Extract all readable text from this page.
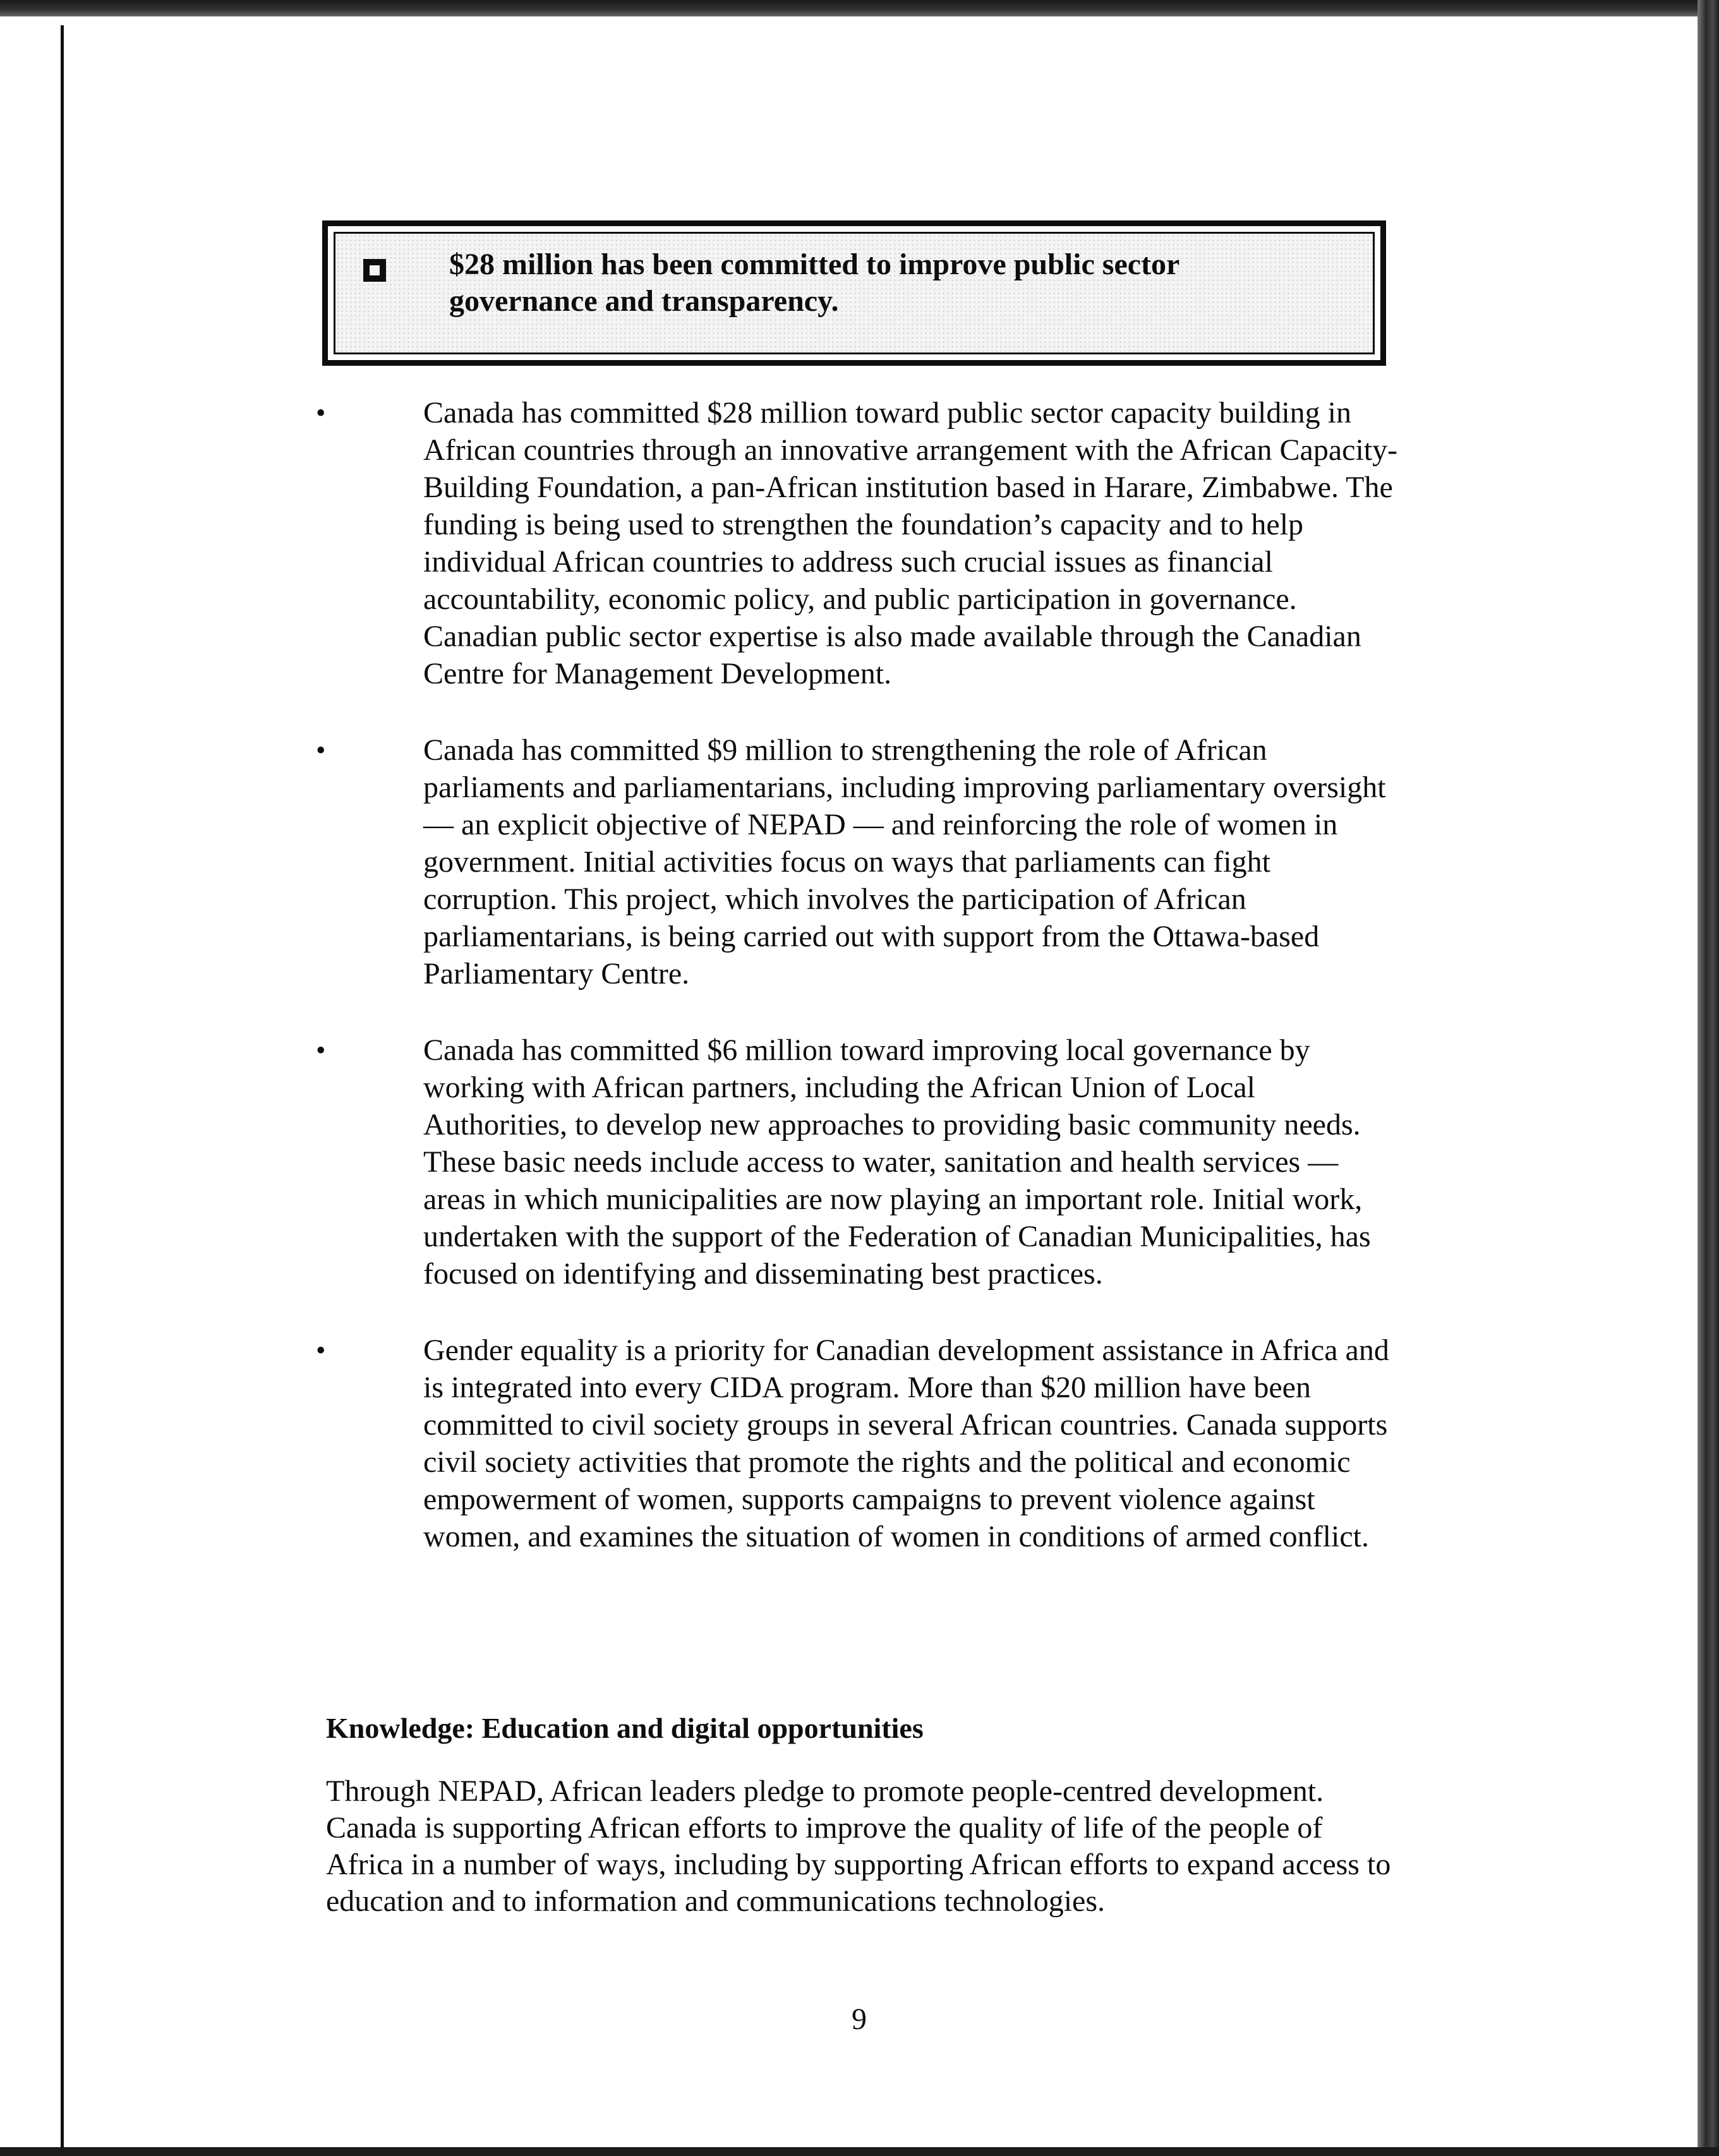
$28 million has been committed to improve public sector governance and transparency.
•	Canada has committed $28 million toward public sector capacity building in African countries through an innovative arrangement with the African Capacity-Building Foundation, a pan-African institution based in Harare, Zimbabwe. The funding is being used to strengthen the foundation’s capacity and to help individual African countries to address such crucial issues as financial accountability, economic policy, and public participation in governance. Canadian public sector expertise is also made available through the Canadian Centre for Management Development.
•	Canada has committed $9 million to strengthening the role of African parliaments and parliamentarians, including improving parliamentary oversight — an explicit objective of NEPAD — and reinforcing the role of women in government. Initial activities focus on ways that parliaments can fight corruption. This project, which involves the participation of African parliamentarians, is being carried out with support from the Ottawa-based Parliamentary Centre.
•	Canada has committed $6 million toward improving local governance by working with African partners, including the African Union of Local Authorities, to develop new approaches to providing basic community needs. These basic needs include access to water, sanitation and health services — areas in which municipalities are now playing an important role. Initial work, undertaken with the support of the Federation of Canadian Municipalities, has focused on identifying and disseminating best practices.
•	Gender equality is a priority for Canadian development assistance in Africa and is integrated into every CIDA program. More than $20 million have been committed to civil society groups in several African countries. Canada supports civil society activities that promote the rights and the political and economic empowerment of women, supports campaigns to prevent violence against women, and examines the situation of women in conditions of armed conflict.
Knowledge: Education and digital opportunities

Through NEPAD, African leaders pledge to promote people-centred development. Canada is supporting African efforts to improve the quality of life of the people of Africa in a number of ways, including by supporting African efforts to expand access to education and to information and communications technologies.

9
